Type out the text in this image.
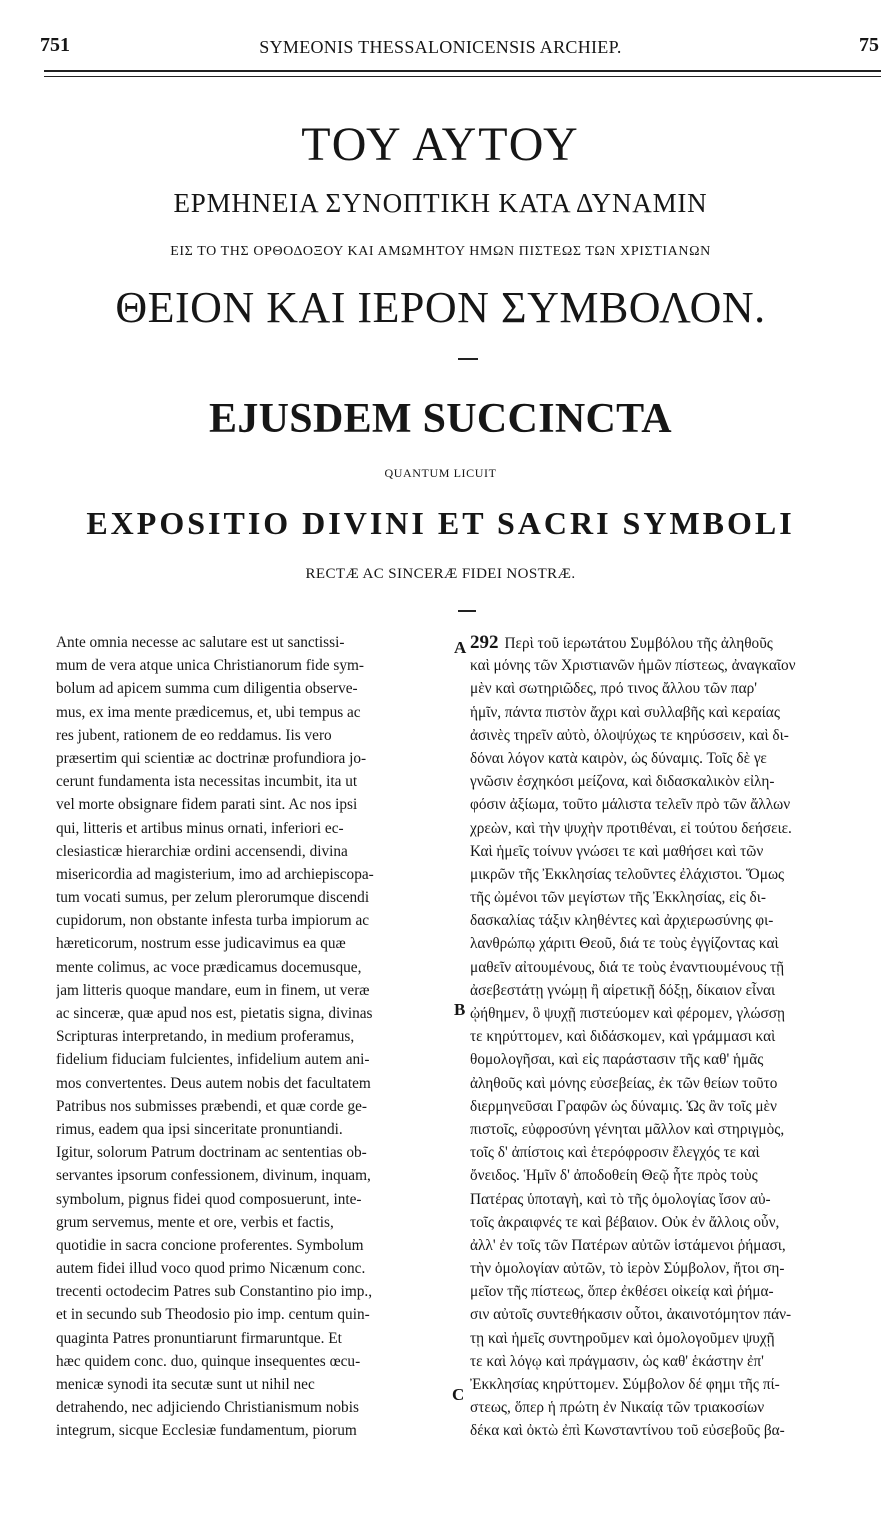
751	SYMEONIS THESSALONICENSIS ARCHIEP.	75
ΤΟΥ ΑΥΤΟΥ
ΕΡΜΗΝΕΙΑ ΣΥΝΟΠΤΙΚΗ ΚΑΤΑ ΔΥΝΑΜΙΝ
ΕΙΣ ΤΟ ΤΗΣ ΟΡΘΟΔΟΞΟΥ ΚΑΙ ΑΜΩΜΗΤΟΥ ΗΜΩΝ ΠΙΣΤΕΩΣ ΤΩΝ ΧΡΙΣΤΙΑΝΩΝ
ΘΕΙΟΝ ΚΑΙ ΙΕΡΟΝ ΣΥΜΒΟΛΟΝ.
EJUSDEM SUCCINCTA
QUANTUM LICUIT
EXPOSITIO DIVINI ET SACRI SYMBOLI
RECTÆ AC SINCERÆ FIDEI NOSTRÆ.
Ante omnia necesse ac salutare est ut sanctissi-
mum de vera atque unica Christianorum fide sym-
bolum ad apicem summa cum diligentia observe-
mus, ex ima mente prædicemus, et, ubi tempus ac
res jubent, rationem de eo reddamus. Iis vero
præsertim qui scientiæ ac doctrinæ profundiora jo-
cerunt fundamenta ista necessitas incumbit, ita ut
vel morte obsignare fidem parati sint. Ac nos ipsi
qui, litteris et artibus minus ornati, inferiori ec-
clesiasticæ hierarchiæ ordini accensendi, divina
misericordia ad magisterium, imo ad archiepiscopa-
tum vocati sumus, per zelum plerorumque discendi
cupidorum, non obstante infesta turba impiorum ac
hæreticorum, nostrum esse judicavimus ea quæ
mente colimus, ac voce prædicamus docemusque,
jam litteris quoque mandare, eum in finem, ut veræ
ac sinceræ, quæ apud nos est, pietatis signa, divinas
Scripturas interpretando, in medium proferamus,
fidelium fiduciam fulcientes, infidelium autem ani-
mos convertentes. Deus autem nobis det facultatem
Patribus nos submisses præbendi, et quæ corde ge-
rimus, eadem qua ipsi sinceritate pronuntiandi.
Igitur, solorum Patrum doctrinam ac sententias ob-
servantes ipsorum confessionem, divinum, inquam,
symbolum, pignus fidei quod composuerunt, inte-
grum servemus, mente et ore, verbis et factis,
quotidie in sacra concione proferentes. Symbolum
autem fidei illud voco quod primo Nicænum conc.
trecenti octodecim Patres sub Constantino pio imp.,
et in secundo sub Theodosio pio imp. centum quin-
quaginta Patres pronuntiarunt firmaruntque. Et
hæc quidem conc. duo, quinque insequentes œcu-
menicæ synodi ita secutæ sunt ut nihil nec
detrahendo, nec adjiciendo Christianismum nobis
integrum, sicque Ecclesiæ fundamentum, piorum
A
B
C
292 Περὶ τοῦ ἱερωτάτου Συμβόλου τῆς ἀληθοῦς
καὶ μόνης τῶν Χριστιανῶν ἡμῶν πίστεως, ἀναγκαῖον
μὲν καὶ σωτηριῶδες, πρό τινος ἄλλου τῶν παρ'
ἡμῖν, πάντα πιστὸν ἄχρι καὶ συλλαβῆς καὶ κεραίας
ἀσινὲς τηρεῖν αὐτὸ, ὁλοψύχως τε κηρύσσειν, καὶ δι-
δόναι λόγον κατὰ καιρὸν, ὡς δύναμις. Τοῖς δὲ γε
γνῶσιν ἐσχηκόσι μείζονα, καὶ διδασκαλικὸν εἰλη-
φόσιν ἀξίωμα, τοῦτο μάλιστα τελεῖν πρὸ τῶν ἄλλων
χρεὼν, καὶ τὴν ψυχὴν προτιθέναι, εἰ τούτου δεήσειε.
Καὶ ἡμεῖς τοίνυν γνώσει τε καὶ μαθήσει καὶ τῶν
μικρῶν τῆς Ἐκκλησίας τελοῦντες ἐλάχιστοι. Ὅμως
τῆς ὠμένοι τῶν μεγίστων τῆς Ἐκκλησίας, εἰς δι-
δασκαλίας τάξιν κληθέντες καὶ ἀρχιερωσύνης φι-
λανθρώπῳ χάριτι Θεοῦ, διά τε τοὺς ἐγγίζοντας καὶ
μαθεῖν αἰτουμένους, διά τε τοὺς ἐναντιουμένους τῇ
ἀσεβεστάτῃ γνώμῃ ἢ αἱρετικῇ δόξῃ, δίκαιον εἶναι
ᾠήθημεν, ὃ ψυχῇ πιστεύομεν καὶ φέρομεν, γλώσσῃ
τε κηρύττομεν, καὶ διδάσκομεν, καὶ γράμμασι καὶ
θομολογῆσαι, καὶ εἰς παράστασιν τῆς καθ' ἡμᾶς
ἀληθοῦς καὶ μόνης εὐσεβείας, ἐκ τῶν θείων τοῦτο
διερμηνεῦσαι Γραφῶν ὡς δύναμις. Ὡς ἂν τοῖς μὲν
πιστοῖς, εὐφροσύνη γένηται μᾶλλον καὶ στηριγμὸς,
τοῖς δ' ἀπίστοις καὶ ἑτερόφροσιν ἔλεγχός τε καὶ
ὄνειδος. Ἡμῖν δ' ἀποδοθείη Θεῷ ἧτε πρὸς τοὺς
Πατέρας ὑποταγὴ, καὶ τὸ τῆς ὁμολογίας ἴσον αὐ-
τοῖς ἀκραιφνές τε καὶ βέβαιον. Οὐκ ἐν ἄλλοις οὖν,
ἀλλ' ἐν τοῖς τῶν Πατέρων αὐτῶν ἱστάμενοι ῥήμασι,
τὴν ὁμολογίαν αὐτῶν, τὸ ἱερὸν Σύμβολον, ἤτοι ση-
μεῖον τῆς πίστεως, ὅπερ ἐκθέσει οἰκείᾳ καὶ ῥήμα-
σιν αὐτοῖς συντεθήκασιν οὗτοι, ἀκαινοτόμητον πάν-
τῃ καὶ ἡμεῖς συντηροῦμεν καὶ ὁμολογοῦμεν ψυχῇ
τε καὶ λόγῳ καὶ πράγμασιν, ὡς καθ' ἑκάστην ἐπ'
Ἐκκλησίας κηρύττομεν. Σύμβολον δέ φημι τῆς πί-
στεως, ὅπερ ἡ πρώτη ἐν Νικαίᾳ τῶν τριακοσίων
δέκα καὶ ὀκτὼ ἐπὶ Κωνσταντίνου τοῦ εὐσεβοῦς βα-
